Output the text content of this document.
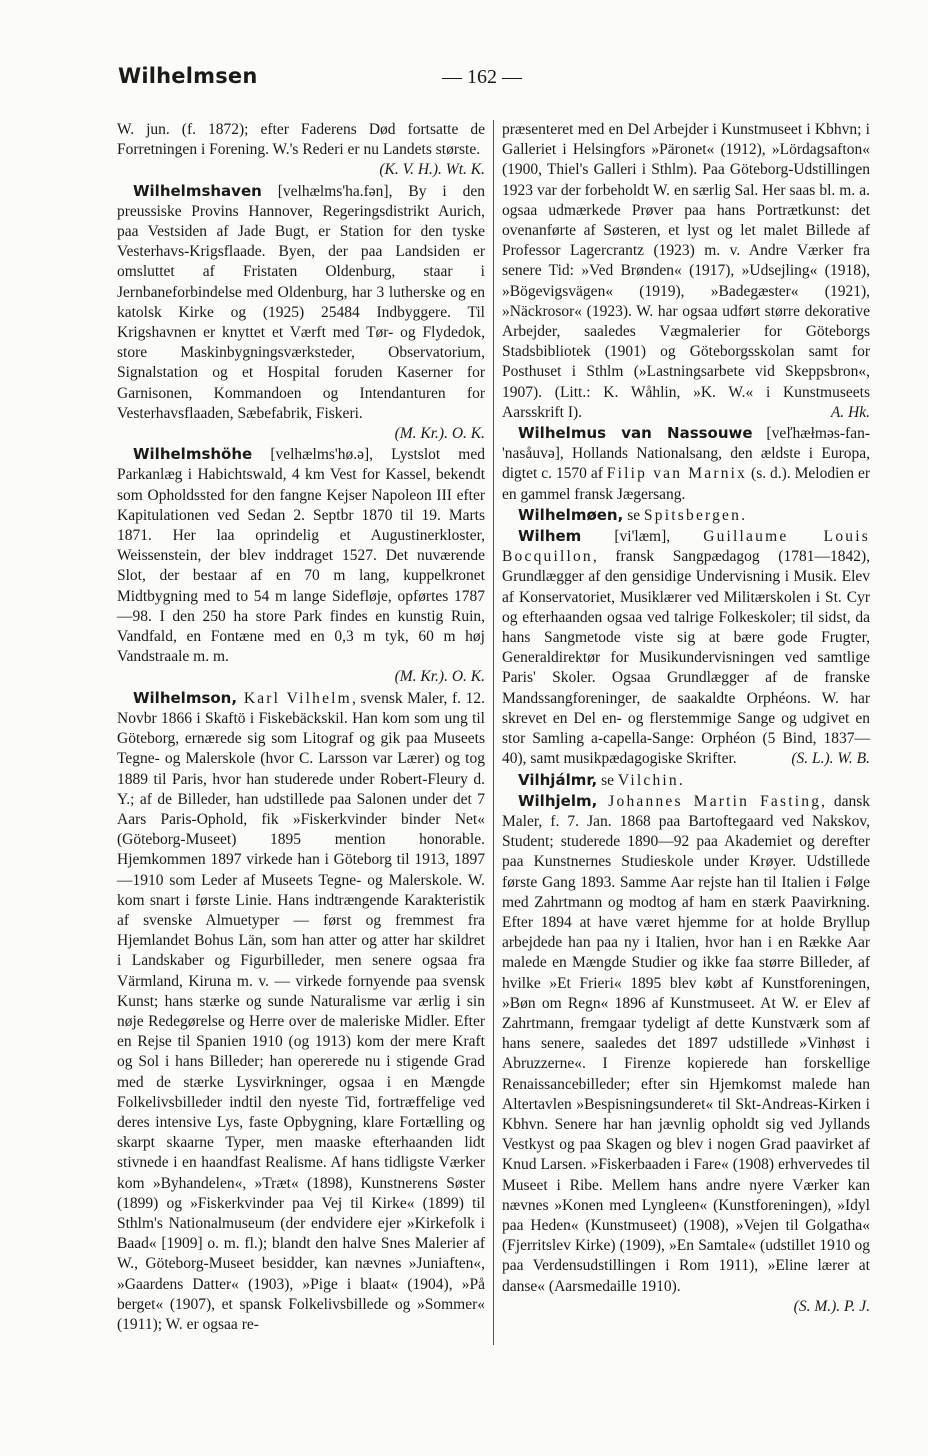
Wilhelmsen	— 162 —

W. jun. (f. 1872); efter Faderens Død fortsatte de Forretningen i Forening. W.'s Rederi er nu Landets største.
(K. V. H.). Wt. K.

Wilhelmshaven [velhælms'ha.fən], By i den preussiske Provins Hannover, Regeringsdistrikt Aurich, paa Vestsiden af Jade Bugt, er Station for den tyske Vesterhavs-Krigsflaade. Byen, der paa Landsiden er omsluttet af Fristaten Oldenburg, staar i Jernbaneforbindelse med Oldenburg, har 3 lutherske og en katolsk Kirke og (1925) 25484 Indbyggere. Til Krigshavnen er knyttet et Værft med Tør- og Flydedok, store Maskinbygningsværksteder, Observatorium, Signalstation og et Hospital foruden Kaserner for Garnisonen, Kommandoen og Intendanturen for Vesterhavsflaaden, Sæbefabrik, Fiskeri.
(M. Kr.). O. K.

Wilhelmshöhe [velhælms'hø.ə], Lystslot med Parkanlæg i Habichtswald, 4 km Vest for Kassel, bekendt som Opholdssted for den fangne Kejser Napoleon III efter Kapitulationen ved Sedan 2. Septbr 1870 til 19. Marts 1871. Her laa oprindelig et Augustinerkloster, Weissenstein, der blev inddraget 1527. Det nuværende Slot, der bestaar af en 70 m lang, kuppelkronet Midtbygning med to 54 m lange Sidefløje, opførtes 1787—98. I den 250 ha store Park findes en kunstig Ruin, Vandfald, en Fontæne med en 0,3 m tyk, 60 m høj Vandstraale m. m.
(M. Kr.). O. K.

Wilhelmson, Karl Vilhelm, svensk Maler, f. 12. Novbr 1866 i Skaftö i Fiskebäckskil. Han kom som ung til Göteborg, ernærede sig som Litograf og gik paa Museets Tegne- og Malerskole (hvor C. Larsson var Lærer) og tog 1889 til Paris, hvor han studerede under Robert-Fleury d. Y.; af de Billeder, han udstillede paa Salonen under det 7 Aars Paris-Ophold, fik »Fiskerkvinder binder Net« (Göteborg-Museet) 1895 mention honorable. Hjemkommen 1897 virkede han i Göteborg til 1913, 1897—1910 som Leder af Museets Tegne- og Malerskole. W. kom snart i første Linie. Hans indtrængende Karakteristik af svenske Almuetyper — først og fremmest fra Hjemlandet Bohus Län, som han atter og atter har skildret i Landskaber og Figurbilleder, men senere ogsaa fra Värmland, Kiruna m. v. — virkede fornyende paa svensk Kunst; hans stærke og sunde Naturalisme var ærlig i sin nøje Redegørelse og Herre over de maleriske Midler. Efter en Rejse til Spanien 1910 (og 1913) kom der mere Kraft og Sol i hans Billeder; han opererede nu i stigende Grad med de stærke Lysvirkninger, ogsaa i en Mængde Folkelivsbilleder indtil den nyeste Tid, fortræffelige ved deres intensive Lys, faste Opbygning, klare Fortælling og skarpt skaarne Typer, men maaske efterhaanden lidt stivnede i en haandfast Realisme. Af hans tidligste Værker kom »Byhandelen«, »Træt« (1898), Kunstnerens Søster (1899) og »Fiskerkvinder paa Vej til Kirke« (1899) til Sthlm's Nationalmuseum (der endvidere ejer »Kirkefolk i Baad« [1909] o. m. fl.); blandt den halve Snes Malerier af W., Göteborg-Museet besidder, kan nævnes »Juniaften«, »Gaardens Datter« (1903), »Pige i blaat« (1904), »På berget« (1907), et spansk Folkelivsbillede og »Sommer« (1911); W. er ogsaa re-

præsenteret med en Del Arbejder i Kunstmuseet i Kbhvn; i Galleriet i Helsingfors »Päronet« (1912), »Lördagsafton« (1900, Thiel's Galleri i Sthlm). Paa Göteborg-Udstillingen 1923 var der forbeholdt W. en særlig Sal. Her saas bl. m. a. ogsaa udmærkede Prøver paa hans Portrætkunst: det ovenanførte af Søsteren, et lyst og let malet Billede af Professor Lagercrantz (1923) m. v. Andre Værker fra senere Tid: »Ved Brønden« (1917), »Udsejling« (1918), »Bögevigsvägen« (1919), »Badegæster« (1921), »Näckrosor« (1923). W. har ogsaa udført større dekorative Arbejder, saaledes Vægmalerier for Göteborgs Stadsbibliotek (1901) og Göteborgsskolan samt for Posthuset i Sthlm (»Lastningsarbete vid Skeppsbron«, 1907). (Litt.: K. Wåhlin, »K. W.« i Kunstmuseets Aarsskrift I).	A. Hk.

Wilhelmus van Nassouwe [veľhæłməs-fan-'nasåuvə], Hollands Nationalsang, den ældste i Europa, digtet c. 1570 af Filip van Marnix (s. d.). Melodien er en gammel fransk Jægersang.

Wilhelmøen, se Spitsbergen.

Wilhem [vi'læm], Guillaume Louis Bocquillon, fransk Sangpædagog (1781—1842), Grundlægger af den gensidige Undervisning i Musik. Elev af Konservatoriet, Musiklærer ved Militærskolen i St. Cyr og efterhaanden ogsaa ved talrige Folkeskoler; til sidst, da hans Sangmetode viste sig at bære gode Frugter, Generaldirektør for Musikundervisningen ved samtlige Paris' Skoler. Ogsaa Grundlægger af de franske Mandssangforeninger, de saakaldte Orphéons. W. har skrevet en Del en- og flerstemmige Sange og udgivet en stor Samling a-capella-Sange: Orphéon (5 Bind, 1837—40), samt musikpædagogiske Skrifter.	(S. L.). W. B.

Vilhjálmr, se Vilchin.

Wilhjelm, Johannes Martin Fasting, dansk Maler, f. 7. Jan. 1868 paa Bartoftegaard ved Nakskov, Student; studerede 1890—92 paa Akademiet og derefter paa Kunstnernes Studieskole under Krøyer. Udstillede første Gang 1893. Samme Aar rejste han til Italien i Følge med Zahrtmann og modtog af ham en stærk Paavirkning. Efter 1894 at have været hjemme for at holde Bryllup arbejdede han paa ny i Italien, hvor han i en Række Aar malede en Mængde Studier og ikke faa større Billeder, af hvilke »Et Frieri« 1895 blev købt af Kunstforeningen, »Bøn om Regn« 1896 af Kunstmuseet. At W. er Elev af Zahrtmann, fremgaar tydeligt af dette Kunstværk som af hans senere, saaledes det 1897 udstillede »Vinhøst i Abruzzerne«. I Firenze kopierede han forskellige Renaissancebilleder; efter sin Hjemkomst malede han Altertavlen »Bespisningsunderet« til Skt-Andreas-Kirken i Kbhvn. Senere har han jævnlig opholdt sig ved Jyllands Vestkyst og paa Skagen og blev i nogen Grad paavirket af Knud Larsen. »Fiskerbaaden i Fare« (1908) erhvervedes til Museet i Ribe. Mellem hans andre nyere Værker kan nævnes »Konen med Lyngleen« (Kunstforeningen), »Idyl paa Heden« (Kunstmuseet) (1908), »Vejen til Golgatha« (Fjerritslev Kirke) (1909), »En Samtale« (udstillet 1910 og paa Verdensudstillingen i Rom 1911), »Eline lærer at danse« (Aarsmedaille 1910).
(S. M.). P. J.
